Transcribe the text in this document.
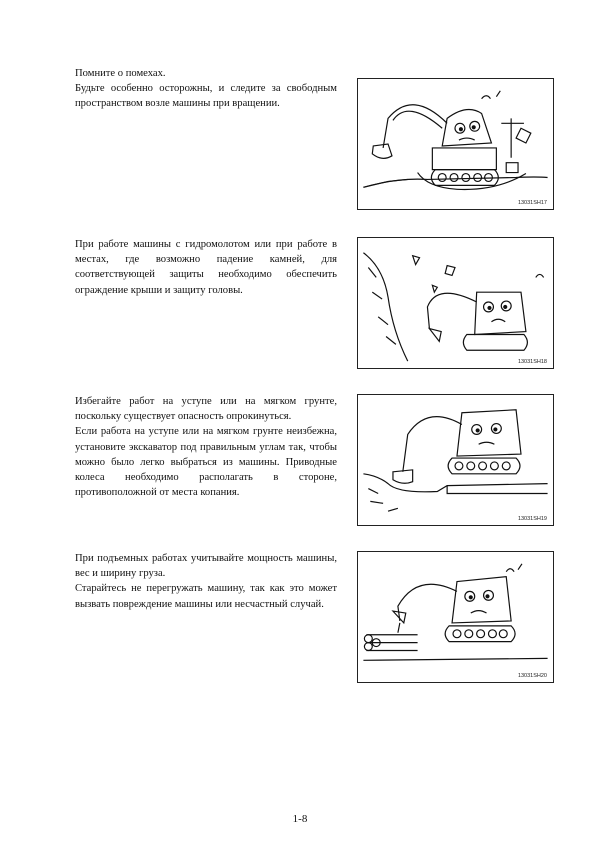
Помните о помехах.

Будьте особенно осторожны, и следите за свободным пространством возле машины при вращении.

13031SH17

При работе машины с гидромолотом или при работе в местах, где возможно падение камней, для соответствующей защиты необходимо обеспечить ограждение крыши и защиту головы.

13031SH18

Избегайте работ на уступе или на мягком грунте, поскольку существует опасность опрокинуться.

Если работа на уступе или на мягком грунте неизбежна, установите экскаватор под правильным углам так, чтобы можно было легко выбраться из машины. Приводные колеса необходимо располагать в стороне, противоположной от места копания.

13031SH19

При подъемных работах учитывайте мощность машины, вес и ширину груза.

Старайтесь не перегружать машину, так как это может вызвать повреждение машины или несчастный случай.

13031SH20
1-8
